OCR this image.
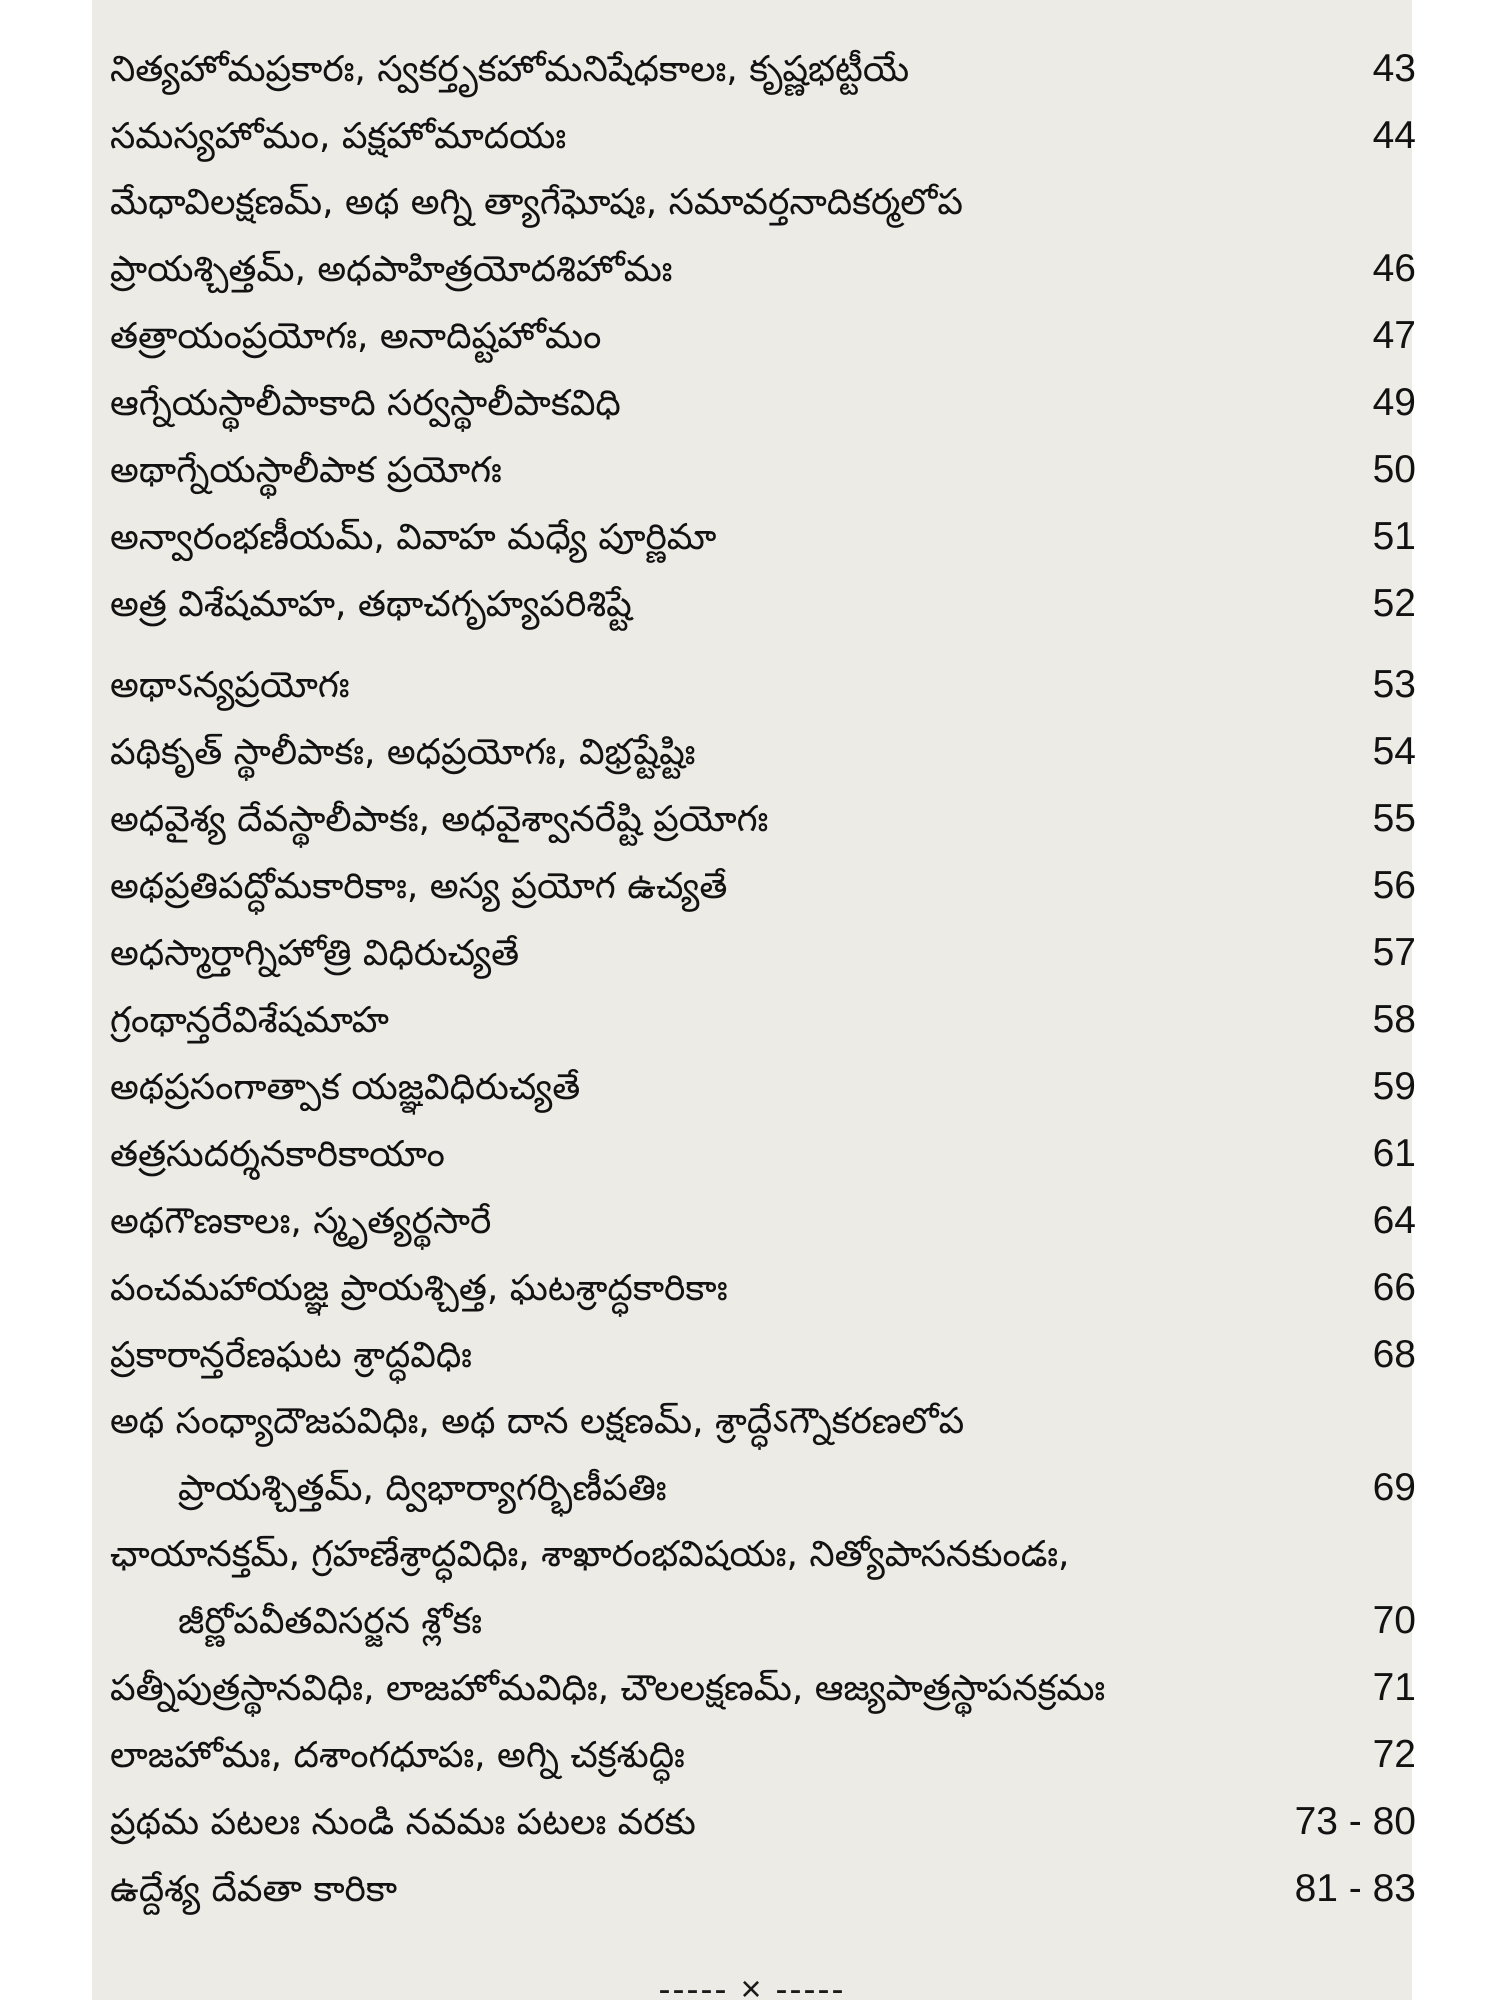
నిత్యహోమప్రకారః, స్వకర్తృకహోమనిషేధకాలః, కృష్ణభట్టీయే	43
సమస్యహోమం, పక్షహోమాదయః	44
మేధావిలక్షణమ్, అథ అగ్ని త్యాగేఘోషః, సమావర్తనాదికర్మలోప
ప్రాయశ్చిత్తమ్, అధపాహిత్రయోదశిహోమః	46
తత్రాయంప్రయోగః, అనాదిష్టహోమం	47
ఆగ్నేయస్థాలీపాకాది సర్వస్థాలీపాకవిధి	49
అథాగ్నేయస్థాలీపాక ప్రయోగః	50
అన్వారంభణీయమ్, వివాహ మధ్యే పూర్ణిమా	51
అత్ర విశేషమాహ, తథాచగృహ్యపరిశిష్టే	52
అథాऽన్యప్రయోగః	53
పథికృత్ స్థాలీపాకః, అధప్రయోగః, విభ్రష్టేష్టిః	54
అధవైశ్య దేవస్థాలీపాకః, అధవైశ్వానరేష్టి ప్రయోగః	55
అథప్రతిపద్ధోమకారికాః, అస్య ప్రయోగ ఉచ్యతే	56
అధస్మార్తాగ్నిహోత్రి విధిరుచ్యతే	57
గ్రంథాన్తరేవిశేషమాహ	58
అథప్రసంగాత్పాక యజ్ఞవిధిరుచ్యతే	59
తత్రసుదర్శనకారికాయాం	61
అథగౌణకాలః, స్మృత్యర్థసారే	64
పంచమహాయజ్ఞ ప్రాయశ్చిత్త, ఘటశ్రాద్ధకారికాః	66
ప్రకారాన్తరేణఘట శ్రాద్ధవిధిః	68
అథ సంధ్యాదౌజపవిధిః, అథ దాన లక్షణమ్, శ్రాద్ధేऽగ్నౌకరణలోప
ప్రాయశ్చిత్తమ్, ద్విభార్యాగర్భిణీపతిః	69
ఛాయానక్తమ్, గ్రహణేశ్రాద్ధవిధిః, శాఖారంభవిషయః, నిత్యోపాసనకుండః,
జీర్ణోపవీతవిసర్జన శ్లోకః	70
పత్నీపుత్రస్థానవిధిః, లాజహోమవిధిః, చౌలలక్షణమ్, ఆజ్యపాత్రస్థాపనక్రమః	71
లాజహోమః, దశాంగధూపః, అగ్ని చక్రశుద్ధిః	72
ప్రథమ పటలః నుండి నవమః పటలః వరకు	73 - 80
ఉద్దేశ్య దేవతా కారికా	81 - 83
----- × -----
